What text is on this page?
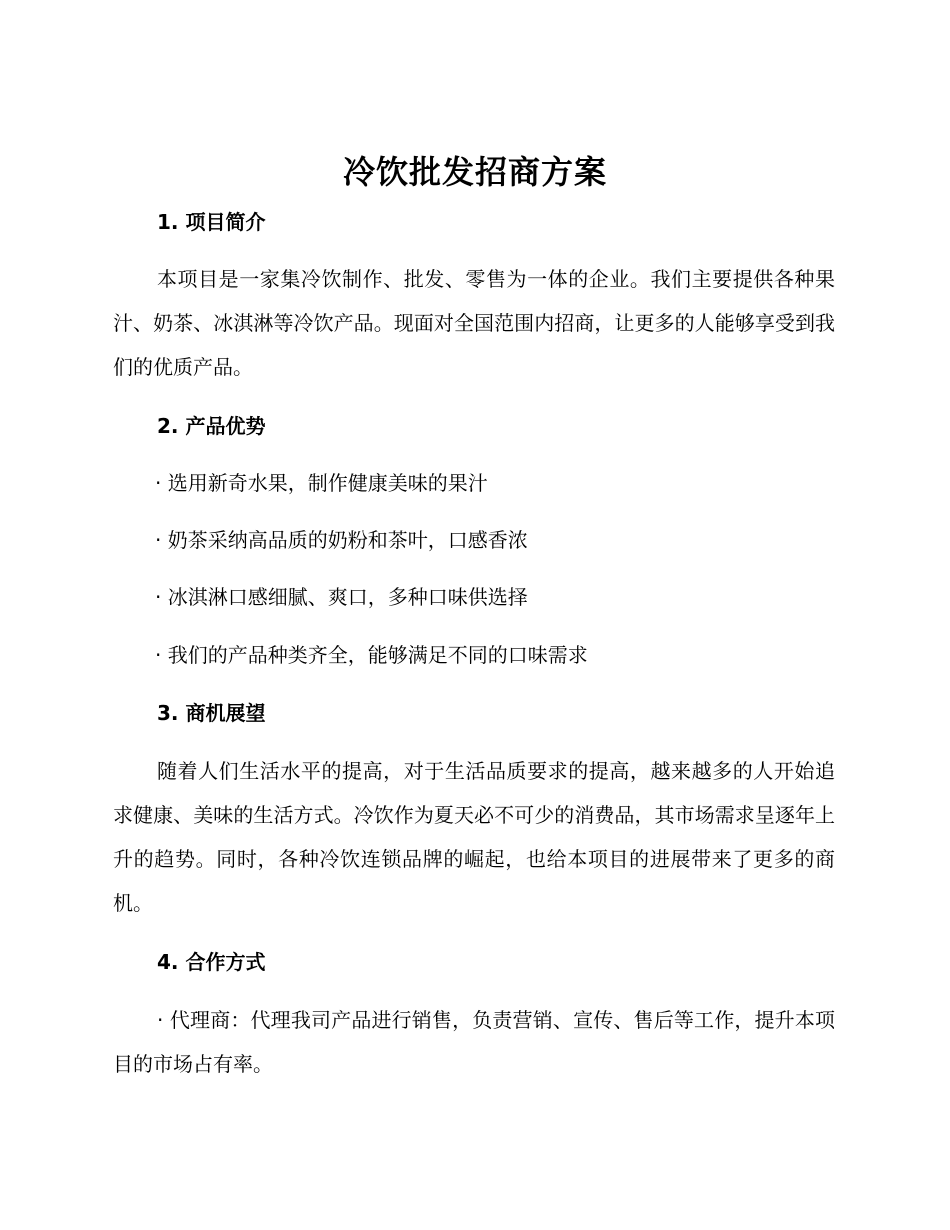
冷饮批发招商方案
1. 项目简介
本项目是一家集冷饮制作、批发、零售为一体的企业。我们主要提供各种果汁、奶茶、冰淇淋等冷饮产品。现面对全国范围内招商，让更多的人能够享受到我们的优质产品。
2. 产品优势
· 选用新奇水果，制作健康美味的果汁
· 奶茶采纳高品质的奶粉和茶叶，口感香浓
· 冰淇淋口感细腻、爽口，多种口味供选择
· 我们的产品种类齐全，能够满足不同的口味需求
3. 商机展望
随着人们生活水平的提高，对于生活品质要求的提高，越来越多的人开始追求健康、美味的生活方式。冷饮作为夏天必不可少的消费品，其市场需求呈逐年上升的趋势。同时，各种冷饮连锁品牌的崛起，也给本项目的进展带来了更多的商机。
4. 合作方式
· 代理商：代理我司产品进行销售，负责营销、宣传、售后等工作，提升本项目的市场占有率。
